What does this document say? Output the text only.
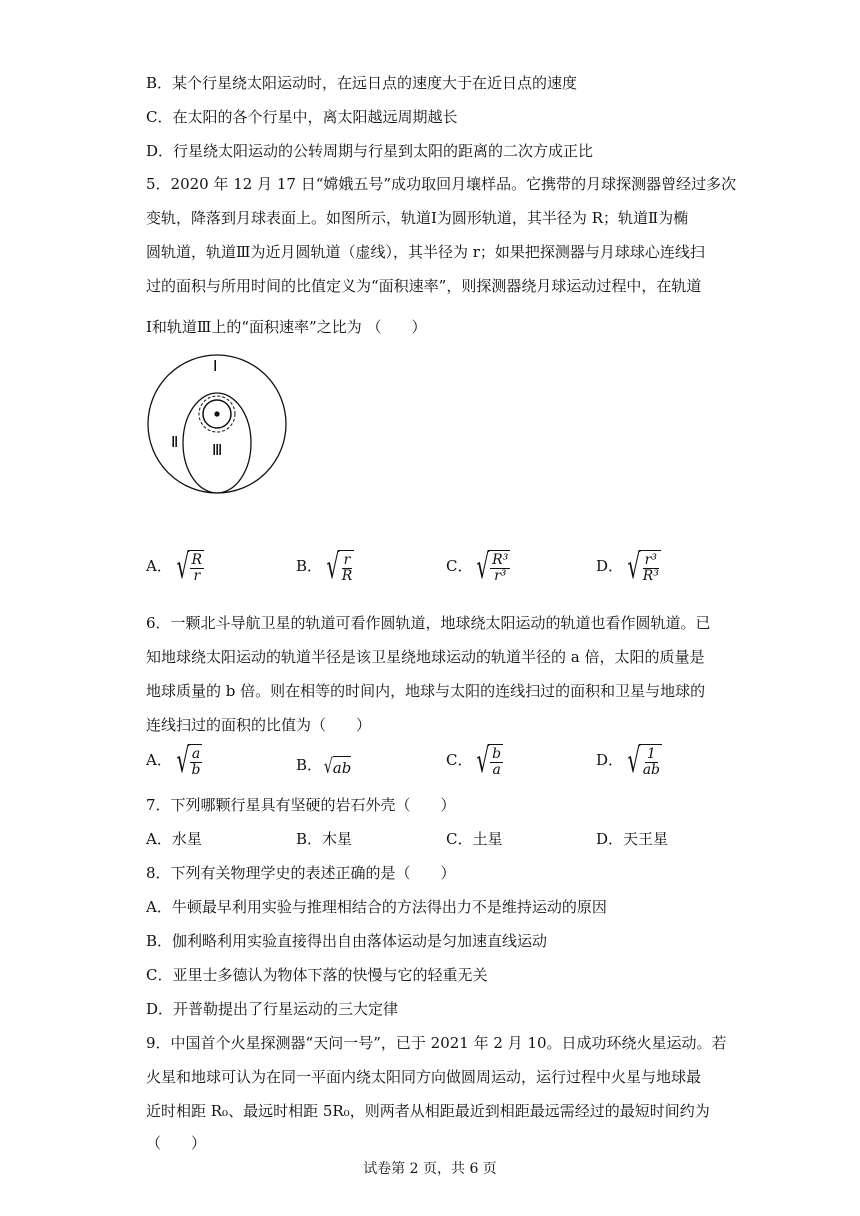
B．某个行星绕太阳运动时，在远日点的速度大于在近日点的速度
C．在太阳的各个行星中，离太阳越远周期越长
D．行星绕太阳运动的公转周期与行星到太阳的距离的二次方成正比
5．2020 年 12 月 17 日“嫦娥五号”成功取回月壤样品。它携带的月球探测器曾经过多次
变轨，降落到月球表面上。如图所示，轨道Ⅰ为圆形轨道，其半径为 R；轨道Ⅱ为椭
圆轨道，轨道Ⅲ为近月圆轨道（虚线），其半径为 r；如果把探测器与月球球心连线扫
过的面积与所用时间的比值定义为“面积速率”，则探测器绕月球运动过程中，在轨道
Ⅰ和轨道Ⅲ上的“面积速率”之比为 （　　）
Ⅰ
Ⅱ Ⅲ
A． √ $\frac{R}{r}$	B． √ $\frac{r}{R}$	C． √ $\frac{\text{R³}}{\text{r³}}$	D． √ $\frac{\text{r³}}{\text{R³}}$
6．一颗北斗导航卫星的轨道可看作圆轨道，地球绕太阳运动的轨道也看作圆轨道。已
知地球绕太阳运动的轨道半径是该卫星绕地球运动的轨道半径的 a 倍，太阳的质量是
地球质量的 b 倍。则在相等的时间内，地球与太阳的连线扫过的面积和卫星与地球的
连线扫过的面积的比值为（　　）
A． √ $\frac{a}{b}$	B． √ ab	C． √ $\frac{b}{a}$	D． √ $\frac{1}{ab}$
7．下列哪颗行星具有坚硬的岩石外壳（　　）
A．水星	B．木星	C．土星	D．天王星
8．下列有关物理学史的表述正确的是（　　）
A．牛顿最早利用实验与推理相结合的方法得出力不是维持运动的原因
B．伽利略利用实验直接得出自由落体运动是匀加速直线运动
C．亚里士多德认为物体下落的快慢与它的轻重无关
D．开普勒提出了行星运动的三大定律
9．中国首个火星探测器“天问一号”，已于 2021 年 2 月 10。日成功环绕火星运动。若
火星和地球可认为在同一平面内绕太阳同方向做圆周运动，运行过程中火星与地球最
近时相距 R₀、最远时相距 5R₀，则两者从相距最近到相距最远需经过的最短时间约为
（　　）
试卷第 2 页，共 6 页
